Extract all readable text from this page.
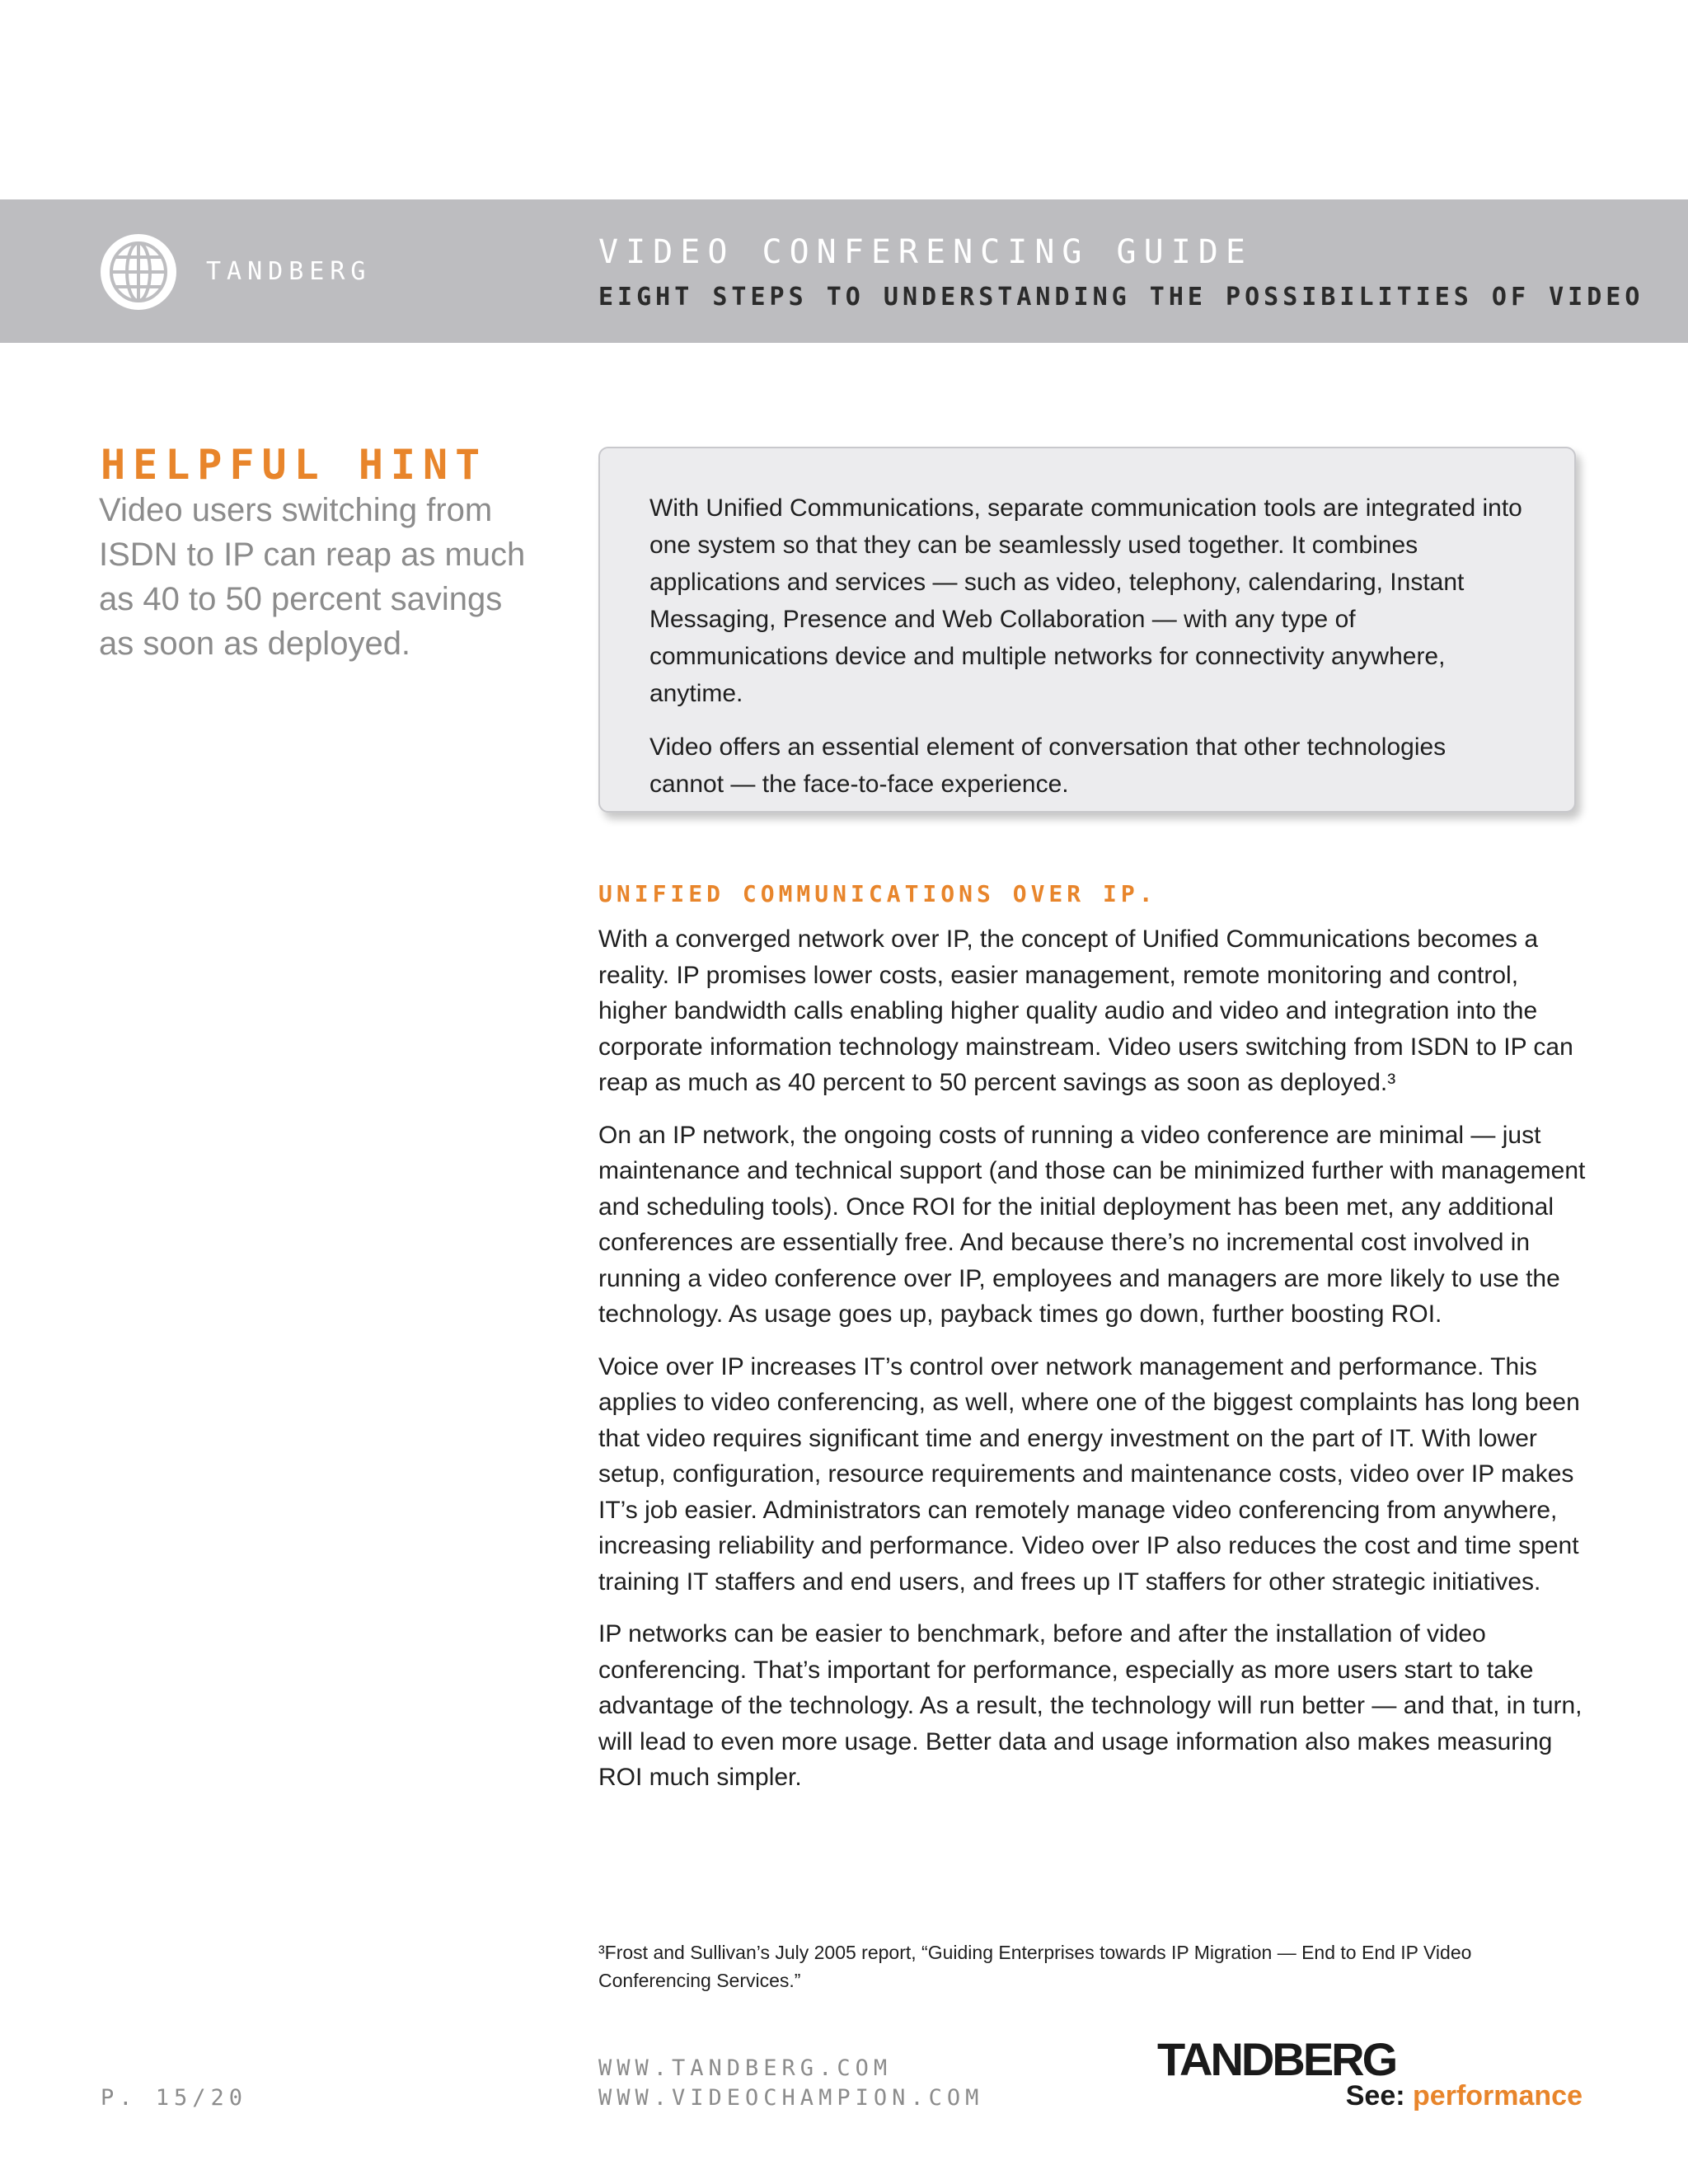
TANDBERG
VIDEO CONFERENCING GUIDE
EIGHT STEPS TO UNDERSTANDING THE POSSIBILITIES OF VIDEO
HELPFUL HINT
Video users switching from ISDN to IP can reap as much as 40 to 50 percent savings as soon as deployed.

With Unified Communications, separate communication tools are integrated into one system so that they can be seamlessly used together. It combines applications and services — such as video, telephony, calendaring, Instant Messaging, Presence and Web Collaboration — with any type of communications device and multiple networks for connectivity anywhere, anytime.

Video offers an essential element of conversation that other technologies cannot — the face-to-face experience.

UNIFIED COMMUNICATIONS OVER IP.

With a converged network over IP, the concept of Unified Communications becomes a reality. IP promises lower costs, easier management, remote monitoring and control, higher bandwidth calls enabling higher quality audio and video and integration into the corporate information technology mainstream. Video users switching from ISDN to IP can reap as much as 40 percent to 50 percent savings as soon as deployed.³

On an IP network, the ongoing costs of running a video conference are minimal — just maintenance and technical support (and those can be minimized further with management and scheduling tools). Once ROI for the initial deployment has been met, any additional conferences are essentially free. And because there’s no incremental cost involved in running a video conference over IP, employees and managers are more likely to use the technology. As usage goes up, payback times go down, further boosting ROI.

Voice over IP increases IT’s control over network management and performance. This applies to video conferencing, as well, where one of the biggest complaints has long been that video requires significant time and energy investment on the part of IT. With lower setup, configuration, resource requirements and maintenance costs, video over IP makes IT’s job easier. Administrators can remotely manage video conferencing from anywhere, increasing reliability and performance. Video over IP also reduces the cost and time spent training IT staffers and end users, and frees up IT staffers for other strategic initiatives.

IP networks can be easier to benchmark, before and after the installation of video conferencing. That’s important for performance, especially as more users start to take advantage of the technology. As a result, the technology will run better — and that, in turn, will lead to even more usage. Better data and usage information also makes measuring ROI much simpler.

³Frost and Sullivan’s July 2005 report, “Guiding Enterprises towards IP Migration — End to End IP Video Conferencing Services.”
P. 15/20
WWW.TANDBERG.COM
WWW.VIDEOCHAMPION.COM
TANDBERG
See: performance
